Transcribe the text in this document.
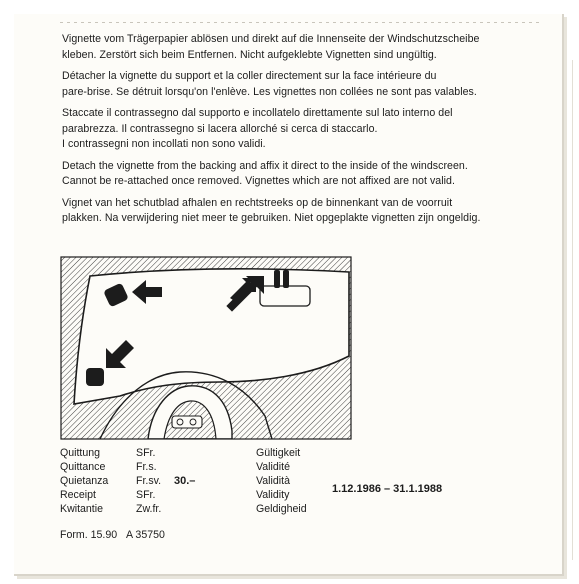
Vignette vom Trägerpapier ablösen und direkt auf die Innenseite der Windschutzscheibe
kleben. Zerstört sich beim Entfernen. Nicht aufgeklebte Vignetten sind ungültig.
Détacher la vignette du support et la coller directement sur la face intérieure du
pare-brise. Se détruit lorsqu'on l'enlève. Les vignettes non collées ne sont pas valables.
Staccate il contrassegno dal supporto e incollatelo direttamente sul lato interno del
parabrezza. Il contrassegno si lacera allorché si cerca di staccarlo.
I contrassegni non incollati non sono validi.
Detach the vignette from the backing and affix it direct to the inside of the windscreen.
Cannot be re-attached once removed. Vignettes which are not affixed are not valid.
Vignet van het schutblad afhalen en rechtstreeks op de binnenkant van de voorruit
plakken. Na verwijdering niet meer te gebruiken. Niet opgeplakte vignetten zijn ongeldig.
Quittung
Quittance
Quietanza
Receipt
Kwitantie
SFr.
Fr.s.
Fr.sv.
SFr.
Zw.fr.
30.–
Gültigkeit
Validité
Validità
Validity
Geldigheid
1.12.1986 – 31.1.1988
Form. 15.90 A 35750
